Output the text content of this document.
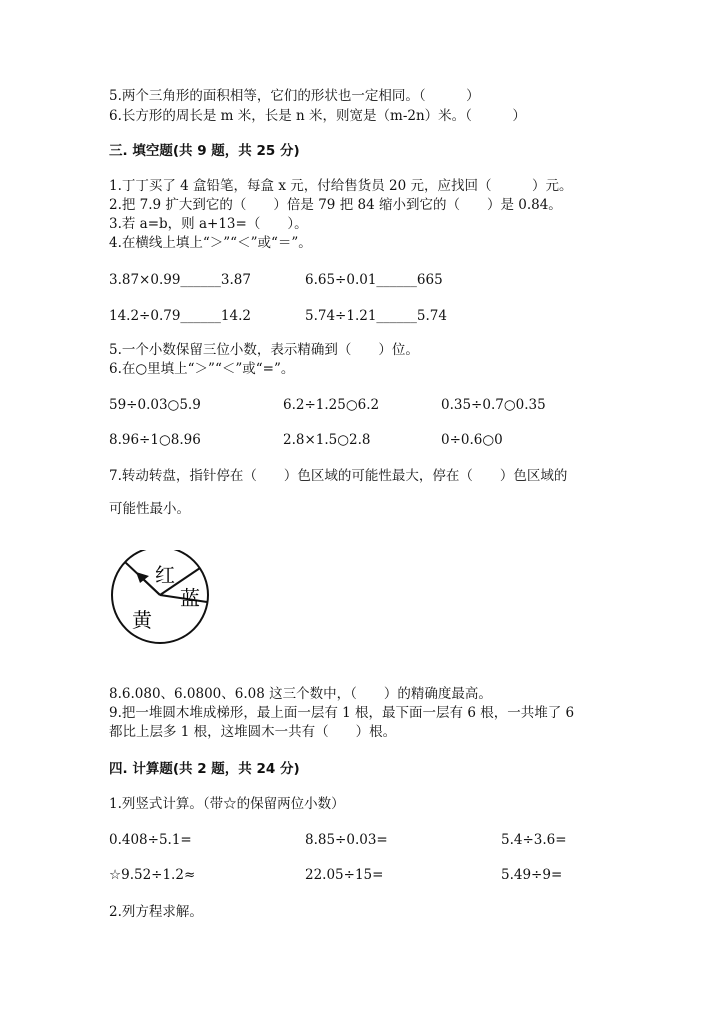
5.两个三角形的面积相等，它们的形状也一定相同。（　　　）
6.长方形的周长是 m 米，长是 n 米，则宽是（m-2n）米。（　　　）
三. 填空题(共 9 题，共 25 分)
1.丁丁买了 4 盒铅笔，每盒 x 元，付给售货员 20 元，应找回（　　　）元。
2.把 7.9 扩大到它的（　　）倍是 79 把 84 缩小到它的（　　）是 0.84。
3.若 a=b，则 a+13=（　　）。
4.在横线上填上“＞”“＜”或“＝”。
3.87×0.99______3.87	6.65÷0.01______665
14.2÷0.79______14.2	5.74÷1.21______5.74
5.一个小数保留三位小数，表示精确到（　　）位。
6.在○里填上“＞”“＜”或“=”。
59÷0.03○5.9	6.2÷1.25○6.2	0.35÷0.7○0.35
8.96÷1○8.96	2.8×1.5○2.8	0÷0.6○0
7.转动转盘，指针停在（　　）色区域的可能性最大，停在（　　）色区域的
可能性最小。
红
蓝
黄
8.6.080、6.0800、6.08 这三个数中，（　　）的精确度最高。
9.把一堆圆木堆成梯形，最上面一层有 1 根，最下面一层有 6 根，一共堆了 6
都比上层多 1 根，这堆圆木一共有（　　）根。
四. 计算题(共 2 题，共 24 分)
1.列竖式计算。（带☆的保留两位小数）
0.408÷5.1=	8.85÷0.03=	5.4÷3.6=
☆9.52÷1.2≈	22.05÷15=	5.49÷9=
2.列方程求解。
